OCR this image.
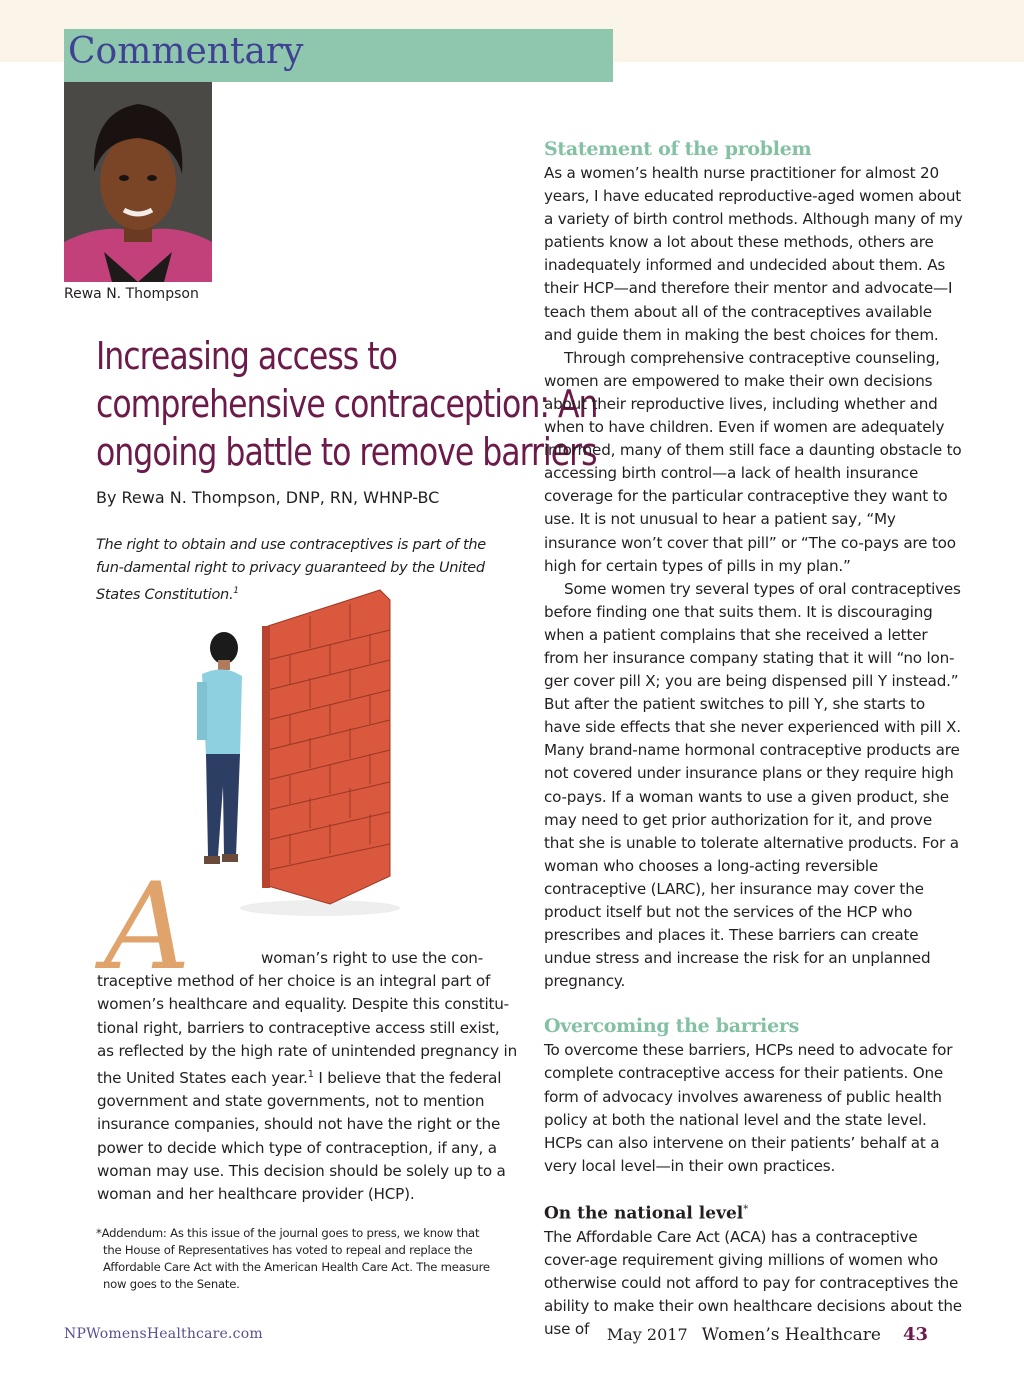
Commentary
Rewa N. Thompson
Increasing access to
comprehensive contraception: An
ongoing battle to remove barriers
By Rewa N. Thompson, DNP, RN, WHNP-BC
The right to obtain and use contraceptives is part of the fun-damental right to privacy guaranteed by the United States Constitution.$^1$
A	woman’s right to use the con-
traceptive method of her choice is an integral part of women’s healthcare and equality. Despite this constitu-tional right, barriers to contraceptive access still exist, as reflected by the high rate of unintended pregnancy in the United States each year.$^1$ I believe that the federal government and state governments, not to mention insurance companies, should not have the right or the power to decide which type of contraception, if any, a woman may use. This decision should be solely up to a woman and her healthcare provider (HCP).
*Addendum: As this issue of the journal goes to press, we know that
the House of Representatives has voted to repeal and replace the Affordable Care Act with the American Health Care Act. The measure now goes to the Senate.
Statement of the problem

As a women’s health nurse practitioner for almost 20 years, I have educated reproductive-aged women about a variety of birth control methods. Although many of my patients know a lot about these methods, others are inadequately informed and undecided about them. As their HCP—and therefore their mentor and advocate—I teach them about all of the contraceptives available and guide them in making the best choices for them.

Through comprehensive contraceptive counseling, women are empowered to make their own decisions about their reproductive lives, including whether and when to have children. Even if women are adequately informed, many of them still face a daunting obstacle to accessing birth control—a lack of health insurance coverage for the particular contraceptive they want to use. It is not unusual to hear a patient say, “My insurance won’t cover that pill” or “The co-pays are too high for certain types of pills in my plan.”

Some women try several types of oral contraceptives before finding one that suits them. It is discouraging when a patient complains that she received a letter from her insurance company stating that it will “no lon-ger cover pill X; you are being dispensed pill Y instead.” But after the patient switches to pill Y, she starts to have side effects that she never experienced with pill X. Many brand-name hormonal contraceptive products are not covered under insurance plans or they require high co-pays. If a woman wants to use a given product, she may need to get prior authorization for it, and prove that she is unable to tolerate alternative products. For a woman who chooses a long-acting reversible contraceptive (LARC), her insurance may cover the product itself but not the services of the HCP who prescribes and places it. These barriers can create undue stress and increase the risk for an unplanned pregnancy.

Overcoming the barriers

To overcome these barriers, HCPs need to advocate for complete contraceptive access for their patients. One form of advocacy involves awareness of public health policy at both the national level and the state level. HCPs can also intervene on their patients’ behalf at a very local level—in their own practices.

On the national level*

The Affordable Care Act (ACA) has a contraceptive cover-age requirement giving millions of women who otherwise could not afford to pay for contraceptives the ability to make their own healthcare decisions about the use of

NPWomensHealthcare.com	May 2017 Women’s Healthcare 43
